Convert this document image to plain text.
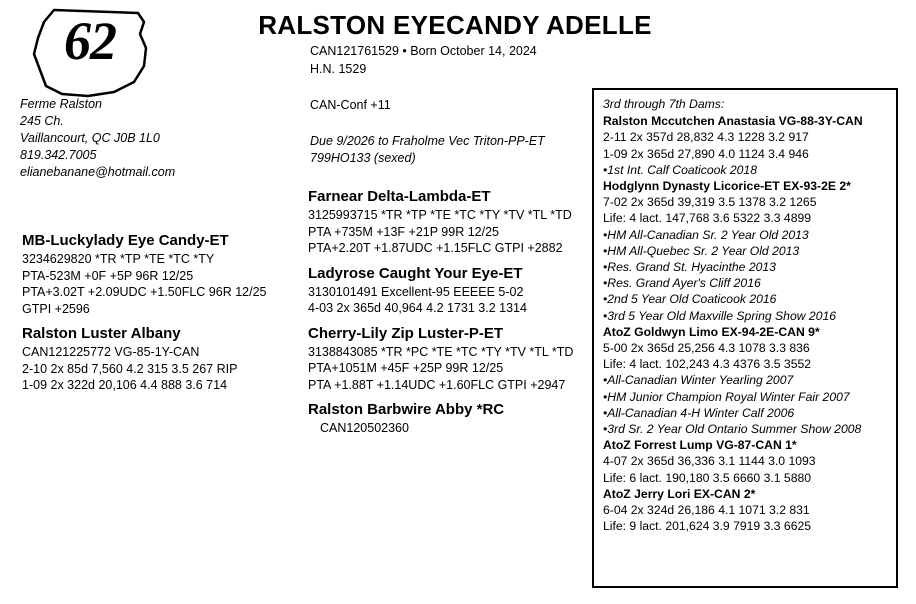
62
Ferme Ralston
245 Ch.
Vaillancourt, QC J0B 1L0
819.342.7005
elianebanane@hotmail.com
RALSTON EYECANDY ADELLE
CAN121761529 • Born October 14, 2024
H.N. 1529
CAN-Conf +11
Due 9/2026 to Fraholme Vec Triton-PP-ET
799HO133 (sexed)
MB-Luckylady Eye Candy-ET
3234629820 *TR *TP *TE *TC *TY
PTA-523M +0F +5P 96R 12/25
PTA+3.02T +2.09UDC +1.50FLC 96R 12/25
GTPI +2596
Ralston Luster Albany
CAN121225772 VG-85-1Y-CAN
2-10 2x 85d 7,560 4.2 315 3.5 267 RIP
1-09 2x 322d 20,106 4.4 888 3.6 714
Farnear Delta-Lambda-ET
3125993715 *TR *TP *TE *TC *TY *TV *TL *TD
PTA +735M +13F +21P 99R 12/25
PTA+2.20T +1.87UDC +1.15FLC GTPI +2882
Ladyrose Caught Your Eye-ET
3130101491 Excellent-95 EEEEE 5-02
4-03 2x 365d 40,964 4.2 1731 3.2 1314
Cherry-Lily Zip Luster-P-ET
3138843085 *TR *PC *TE *TC *TY *TV *TL *TD
PTA+1051M +45F +25P 99R 12/25
PTA +1.88T +1.14UDC +1.60FLC GTPI +2947
Ralston Barbwire Abby *RC
CAN120502360
3rd through 7th Dams:
Ralston Mccutchen Anastasia VG-88-3Y-CAN
2-11 2x 357d 28,832 4.3 1228 3.2 917
1-09 2x 365d 27,890 4.0 1124 3.4 946
•1st Int. Calf Coaticook 2018
Hodglynn Dynasty Licorice-ET EX-93-2E 2*
7-02 2x 365d 39,319 3.5 1378 3.2 1265
Life: 4 lact. 147,768 3.6 5322 3.3 4899
•HM All-Canadian Sr. 2 Year Old 2013
•HM All-Quebec Sr. 2 Year Old 2013
•Res. Grand St. Hyacinthe 2013
•Res. Grand Ayer's Cliff 2016
•2nd 5 Year Old Coaticook 2016
•3rd 5 Year Old Maxville Spring Show 2016
AtoZ Goldwyn Limo EX-94-2E-CAN 9*
5-00 2x 365d 25,256 4.3 1078 3.3 836
Life: 4 lact. 102,243 4.3 4376 3.5 3552
•All-Canadian Winter Yearling 2007
•HM Junior Champion Royal Winter Fair 2007
•All-Canadian 4-H Winter Calf 2006
•3rd Sr. 2 Year Old Ontario Summer Show 2008
AtoZ Forrest Lump VG-87-CAN 1*
4-07 2x 365d 36,336 3.1 1144 3.0 1093
Life: 6 lact. 190,180 3.5 6660 3.1 5880
AtoZ Jerry Lori EX-CAN 2*
6-04 2x 324d 26,186 4.1 1071 3.2 831
Life: 9 lact. 201,624 3.9 7919 3.3 6625
